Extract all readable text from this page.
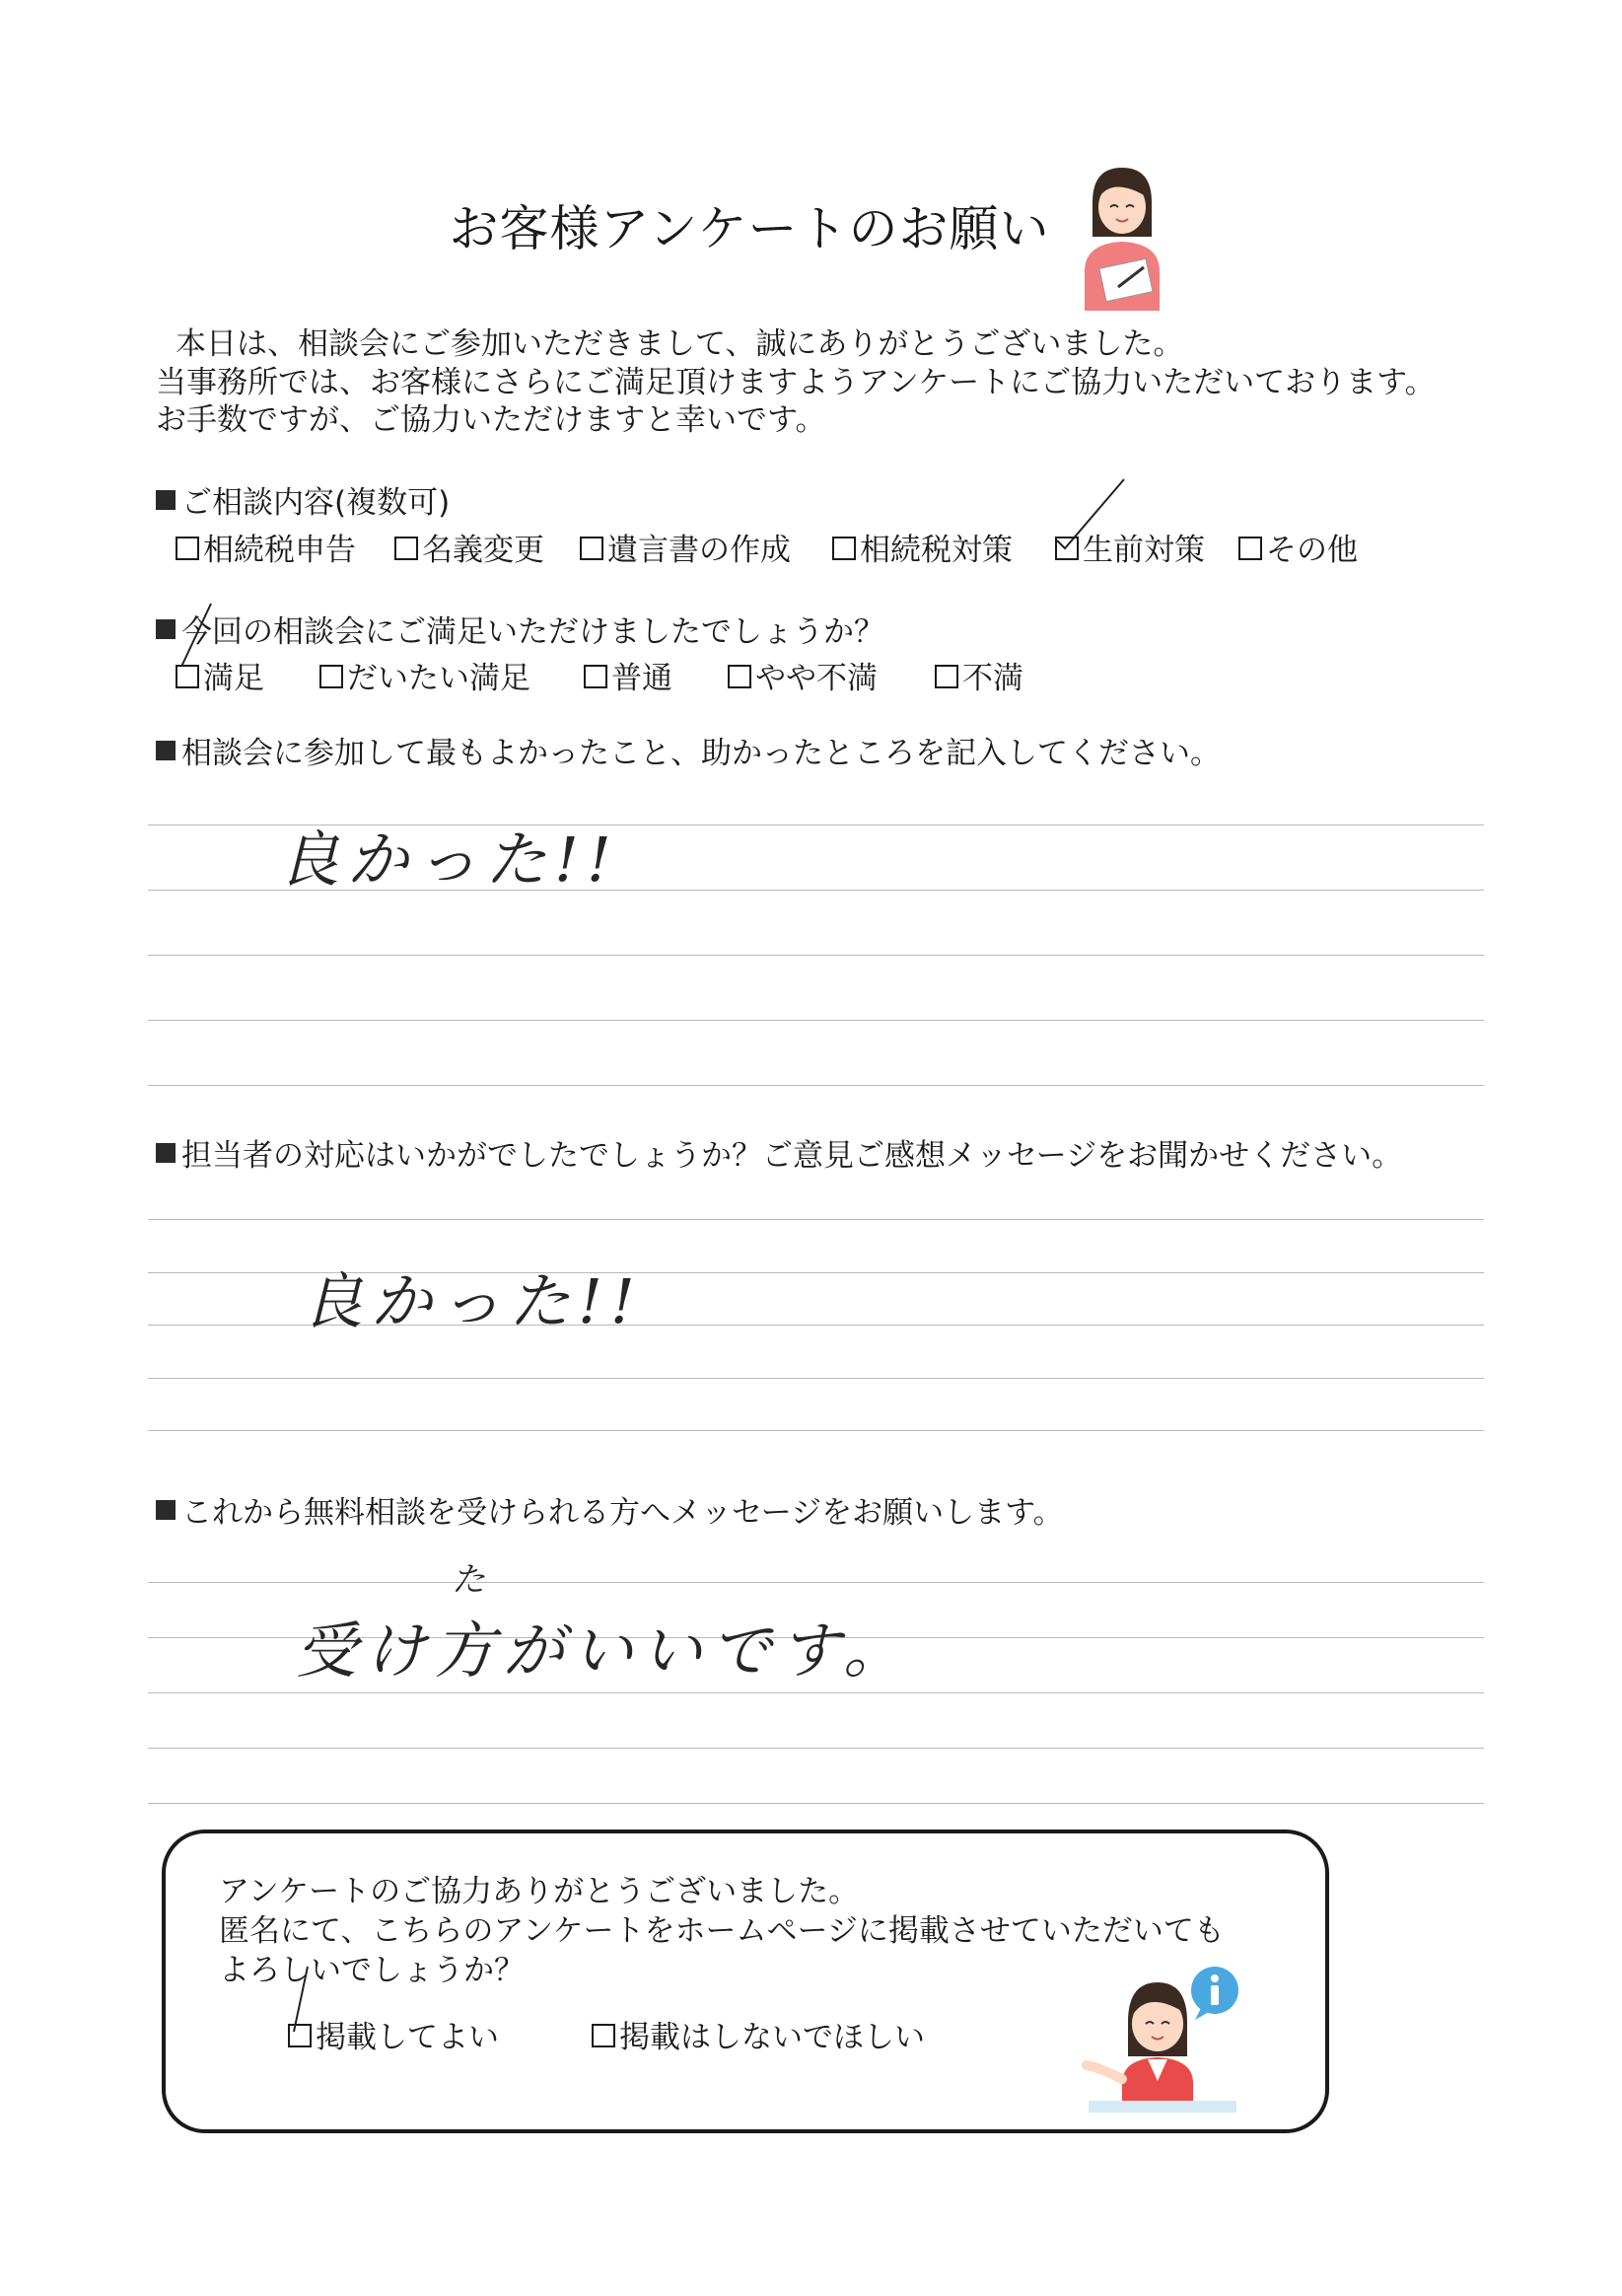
お客様アンケートのお願い
本日は、相談会にご参加いただきまして、誠にありがとうございました。
当事務所では、お客様にさらにご満足頂けますようアンケートにご協力いただいております。
お手数ですが、ご協力いただけますと幸いです。
ご相談内容(複数可)
相続税申告 名義変更 遺言書の作成 相続税対策 生前対策 その他
今回の相談会にご満足いただけましたでしょうか？
満足	だいたい満足	普通	やや不満	不満
相談会に参加して最もよかったこと、助かったところを記入してください。
良かった!!
担当者の対応はいかがでしたでしょうか？ご意見ご感想メッセージをお聞かせください。
良かった!!
これから無料相談を受けられる方へメッセージをお願いします。
た
受け方がいいです。
アンケートのご協力ありがとうございました。
匿名にて、こちらのアンケートをホームページに掲載させていただいても
よろしいでしょうか？
掲載してよい	掲載はしないでほしい
